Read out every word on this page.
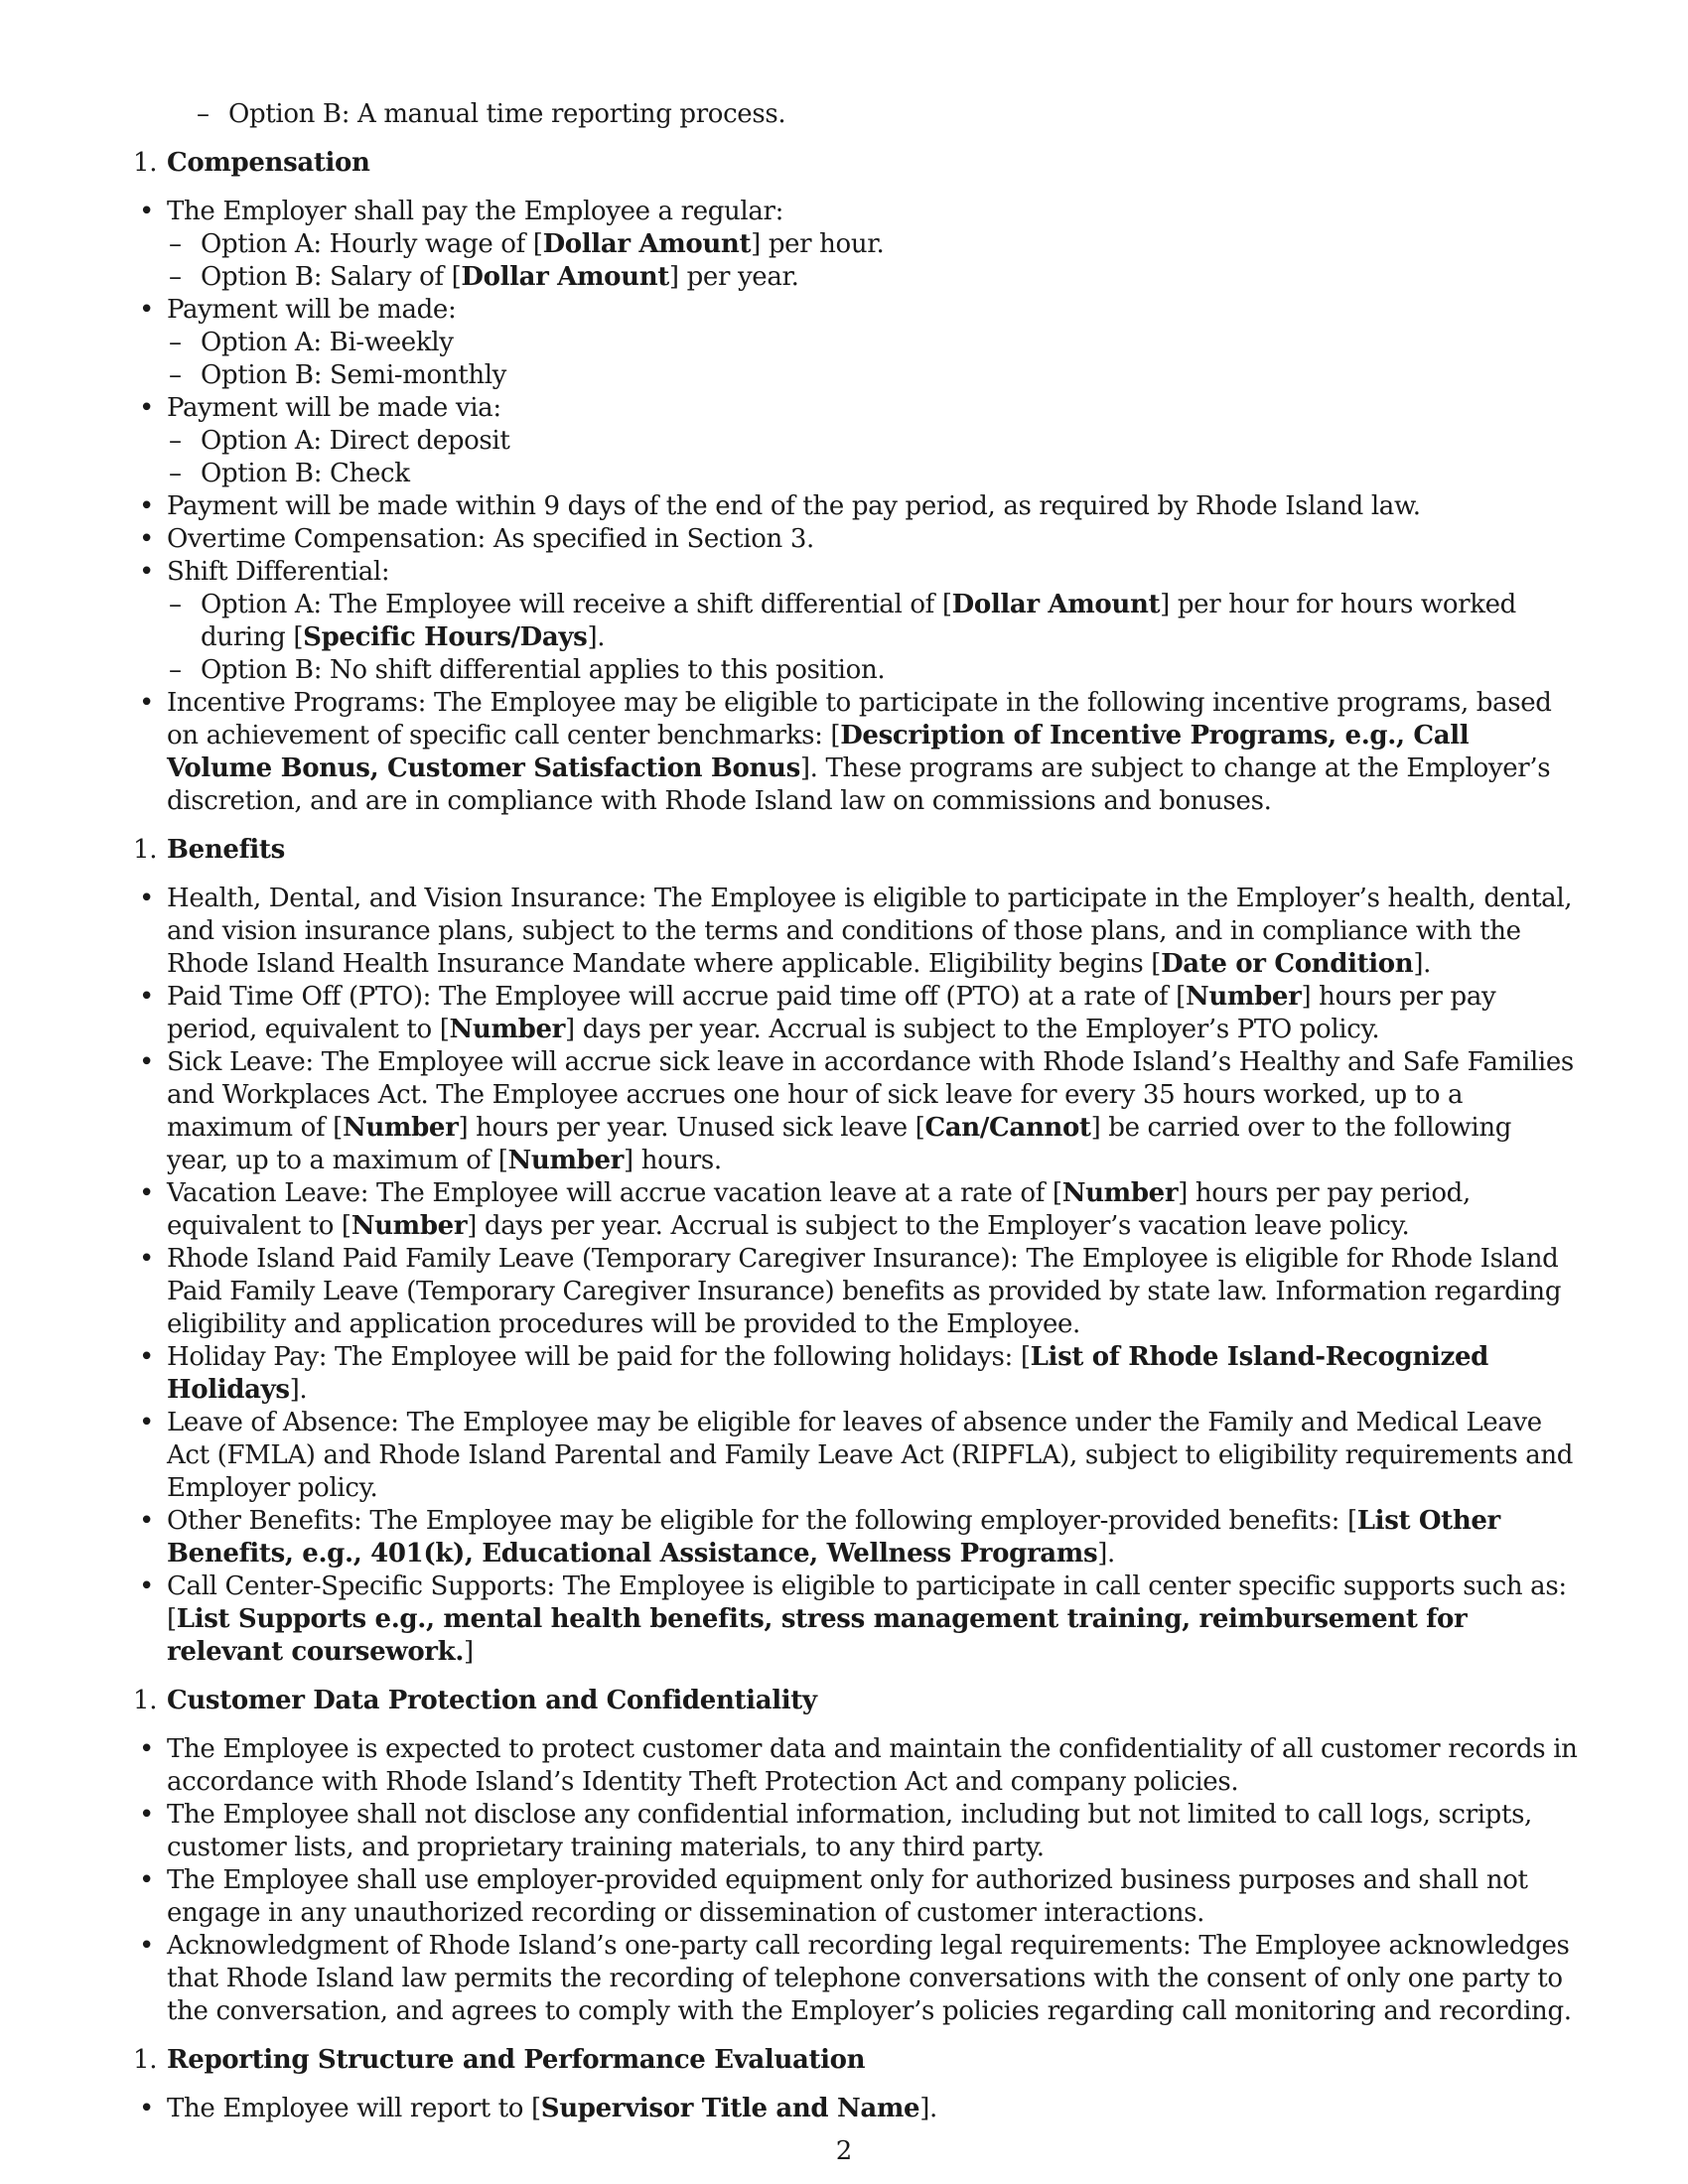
– Option B: A manual time reporting process.
1. Compensation
• The Employer shall pay the Employee a regular:
– Option A: Hourly wage of [Dollar Amount] per hour.
– Option B: Salary of [Dollar Amount] per year.
• Payment will be made:
– Option A: Bi-weekly
– Option B: Semi-monthly
• Payment will be made via:
– Option A: Direct deposit
– Option B: Check
• Payment will be made within 9 days of the end of the pay period, as required by Rhode Island law.
• Overtime Compensation: As specified in Section 3.
• Shift Differential:
– Option A: The Employee will receive a shift differential of [Dollar Amount] per hour for hours worked during [Specific Hours/Days].
– Option B: No shift differential applies to this position.
• Incentive Programs: The Employee may be eligible to participate in the following incentive programs, based on achievement of specific call center benchmarks: [Description of Incentive Programs, e.g., Call Volume Bonus, Customer Satisfaction Bonus]. These programs are subject to change at the Employer’s discretion, and are in compliance with Rhode Island law on commissions and bonuses.
1. Benefits
• Health, Dental, and Vision Insurance: The Employee is eligible to participate in the Employer’s health, dental, and vision insurance plans, subject to the terms and conditions of those plans, and in compliance with the Rhode Island Health Insurance Mandate where applicable. Eligibility begins [Date or Condition].
• Paid Time Off (PTO): The Employee will accrue paid time off (PTO) at a rate of [Number] hours per pay period, equivalent to [Number] days per year. Accrual is subject to the Employer’s PTO policy.
• Sick Leave: The Employee will accrue sick leave in accordance with Rhode Island’s Healthy and Safe Families and Workplaces Act. The Employee accrues one hour of sick leave for every 35 hours worked, up to a maximum of [Number] hours per year. Unused sick leave [Can/Cannot] be carried over to the following year, up to a maximum of [Number] hours.
• Vacation Leave: The Employee will accrue vacation leave at a rate of [Number] hours per pay period, equivalent to [Number] days per year. Accrual is subject to the Employer’s vacation leave policy.
• Rhode Island Paid Family Leave (Temporary Caregiver Insurance): The Employee is eligible for Rhode Island Paid Family Leave (Temporary Caregiver Insurance) benefits as provided by state law. Information regarding eligibility and application procedures will be provided to the Employee.
• Holiday Pay: The Employee will be paid for the following holidays: [List of Rhode Island-Recognized Holidays].
• Leave of Absence: The Employee may be eligible for leaves of absence under the Family and Medical Leave Act (FMLA) and Rhode Island Parental and Family Leave Act (RIPFLA), subject to eligibility requirements and Employer policy.
• Other Benefits: The Employee may be eligible for the following employer-provided benefits: [List Other Benefits, e.g., 401(k), Educational Assistance, Wellness Programs].
• Call Center-Specific Supports: The Employee is eligible to participate in call center specific supports such as: [List Supports e.g., mental health benefits, stress management training, reimbursement for relevant coursework.]
1. Customer Data Protection and Confidentiality
• The Employee is expected to protect customer data and maintain the confidentiality of all customer records in accordance with Rhode Island’s Identity Theft Protection Act and company policies.
• The Employee shall not disclose any confidential information, including but not limited to call logs, scripts, customer lists, and proprietary training materials, to any third party.
• The Employee shall use employer-provided equipment only for authorized business purposes and shall not engage in any unauthorized recording or dissemination of customer interactions.
• Acknowledgment of Rhode Island’s one-party call recording legal requirements: The Employee acknowledges that Rhode Island law permits the recording of telephone conversations with the consent of only one party to the conversation, and agrees to comply with the Employer’s policies regarding call monitoring and recording.
1. Reporting Structure and Performance Evaluation
• The Employee will report to [Supervisor Title and Name].
2
